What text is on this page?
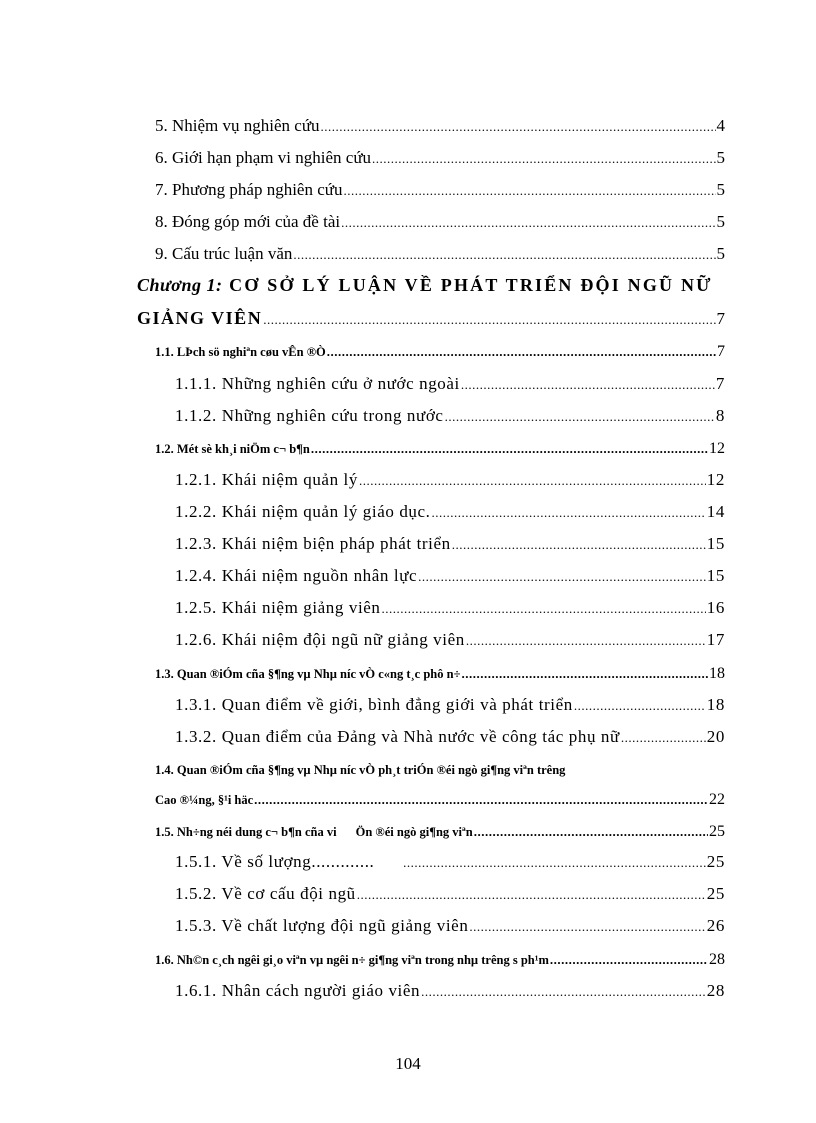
5. Nhiệm vụ nghiên cứu .....	4
6. Giới hạn phạm vi nghiên cứu .....	5
7. Phương pháp nghiên cứu .....	5
8. Đóng góp mới của đề tài .....	5
9. Cấu trúc luận văn .....	5
Chương 1: CƠ SỞ LÝ LUẬN VỀ PHÁT TRIỂN ĐỘI NGŨ NỮ
GIẢNG VIÊN .....	7
1.1. LÞch sö nghiªn cøu vÊn ®Ò .....	7
1.1.1. Những nghiên cứu ở nước ngoài .....	7
1.1.2. Những nghiên cứu trong nước .....	8
1.2. Mét sè kh¸i niÖm c¬ b¶n .....	12
1.2.1. Khái niệm quản lý .....	12
1.2.2. Khái niệm quản lý giáo dục. .....	14
1.2.3. Khái niệm biện pháp phát triển .....	15
1.2.4. Khái niệm nguồn nhân lực .....	15
1.2.5. Khái niệm giảng viên .....	16
1.2.6. Khái niệm đội ngũ nữ giảng viên .....	17
1.3. Quan ®iÓm cña §¶ng vµ Nhµ níc vÒ c«ng t¸c phô n÷ .....	18
1.3.1. Quan điểm về giới, bình đẳng giới và phát triển .....	18
1.3.2. Quan điểm của Đảng và Nhà nước về công tác phụ nữ .....	20
1.4. Quan ®iÓm cña §¶ng vµ Nhµ níc vÒ ph¸t triÓn ®éi ngò gi¶ng viªn trêng
Cao ®¼ng, §¹i häc .....	22
1.5. Nh÷ng néi dung c¬ b¶n cña vi Ön ®éi ngò gi¶ng viªn .....	25
1.5.1. Về số lượng............. .....	25
1.5.2. Về cơ cấu đội ngũ .....	25
1.5.3. Về chất lượng đội ngũ giảng viên .....	26
1.6. Nh©n c¸ch ngêi gi¸o viªn vµ ngêi n÷ gi¶ng viªn trong nhµ trêng s ph¹m .....	28
1.6.1. Nhân cách người giáo viên .....	28
104
